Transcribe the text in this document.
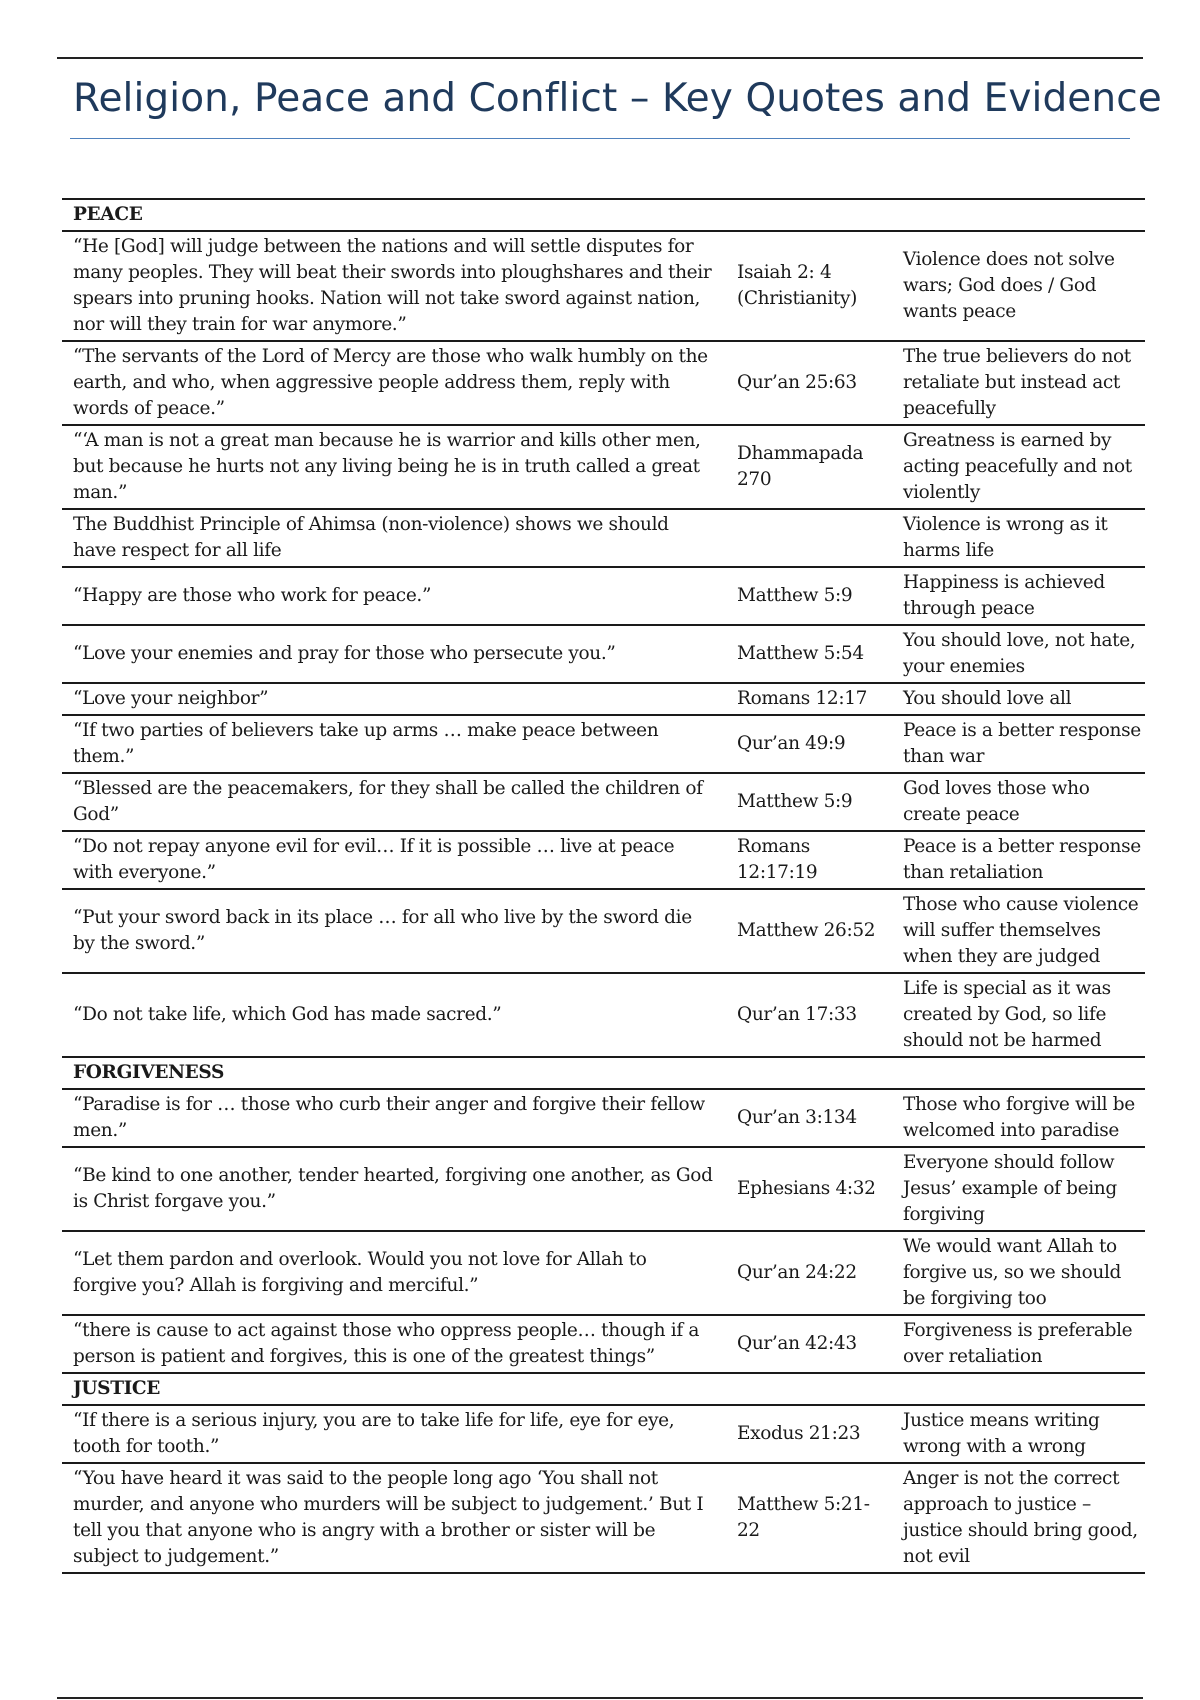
Religion, Peace and Conflict – Key Quotes and Evidence
PEACE		
“He [God] will judge between the nations and will settle disputes for many peoples. They will beat their swords into ploughshares and their spears into pruning hooks. Nation will not take sword against nation, nor will they train for war anymore.”	Isaiah 2: 4 (Christianity)	Violence does not solve wars; God does / God wants peace
“The servants of the Lord of Mercy are those who walk humbly on the earth, and who, when aggressive people address them, reply with words of peace.”	Qur’an 25:63	The true believers do not retaliate but instead act peacefully
“‘A man is not a great man because he is warrior and kills other men, but because he hurts not any living being he is in truth called a great man.”	Dhammapada 270	Greatness is earned by acting peacefully and not violently
The Buddhist Principle of Ahimsa (non-violence) shows we should have respect for all life		Violence is wrong as it harms life
“Happy are those who work for peace.”	Matthew 5:9	Happiness is achieved through peace
“Love your enemies and pray for those who persecute you.”	Matthew 5:54	You should love, not hate, your enemies
“Love your neighbor”	Romans 12:17	You should love all
“If two parties of believers take up arms … make peace between them.”	Qur’an 49:9	Peace is a better response than war
“Blessed are the peacemakers, for they shall be called the children of God”	Matthew 5:9	God loves those who create peace
“Do not repay anyone evil for evil… If it is possible … live at peace with everyone.”	Romans 12:17:19	Peace is a better response than retaliation
“Put your sword back in its place … for all who live by the sword die by the sword.”	Matthew 26:52	Those who cause violence will suffer themselves when they are judged
“Do not take life, which God has made sacred.”	Qur’an 17:33	Life is special as it was created by God, so life should not be harmed
FORGIVENESS		
“Paradise is for … those who curb their anger and forgive their fellow men.”	Qur’an 3:134	Those who forgive will be welcomed into paradise
“Be kind to one another, tender hearted, forgiving one another, as God is Christ forgave you.”	Ephesians 4:32	Everyone should follow Jesus’ example of being forgiving
“Let them pardon and overlook. Would you not love for Allah to forgive you? Allah is forgiving and merciful.”	Qur’an 24:22	We would want Allah to forgive us, so we should be forgiving too
“there is cause to act against those who oppress people… though if a person is patient and forgives, this is one of the greatest things”	Qur’an 42:43	Forgiveness is preferable over retaliation
JUSTICE		
“If there is a serious injury, you are to take life for life, eye for eye, tooth for tooth.”	Exodus 21:23	Justice means writing wrong with a wrong
“You have heard it was said to the people long ago ‘You shall not murder, and anyone who murders will be subject to judgement.’ But I tell you that anyone who is angry with a brother or sister will be subject to judgement.”	Matthew 5:21-22	Anger is not the correct approach to justice – justice should bring good, not evil
